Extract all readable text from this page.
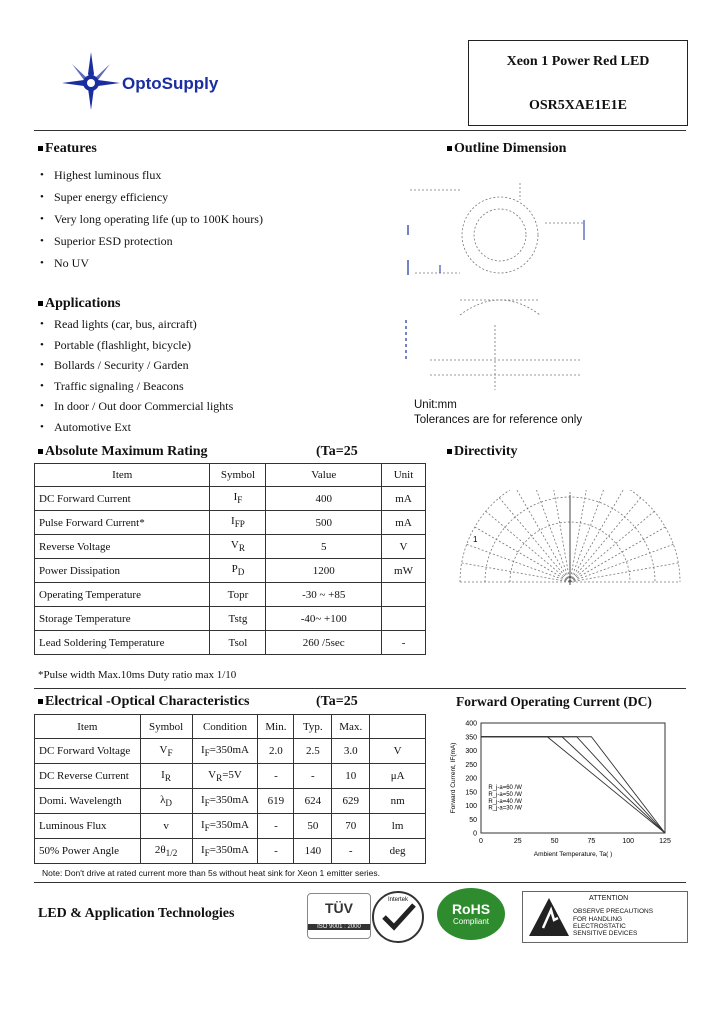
OptoSupply
Xeon 1 Power Red LED
OSR5XAE1E1E
Features
• Highest luminous flux
• Super energy efficiency
• Very long operating life (up to 100K hours)
• Superior ESD protection
• No UV
Applications
• Read lights (car, bus, aircraft)
• Portable (flashlight, bicycle)
• Bollards / Security / Garden
• Traffic signaling / Beacons
• In door / Out door Commercial lights
• Automotive Ext
Outline Dimension
Unit:mm
Tolerances are for reference only
Absolute Maximum Rating	(Ta=25
Item	Symbol	Value	Unit
DC Forward Current	$I_F$	400	mA
Pulse Forward Current*	$I_{FP}$	500	mA
Reverse Voltage	$V_R$	5	V
Power Dissipation	$P_D$	1200	mW
Operating Temperature	Topr	-30 ~ +85	
Storage Temperature	Tstg	-40~ +100	
Lead Soldering Temperature	Tsol	260 /5sec	-
*Pulse width Max.10ms Duty ratio max 1/10
Directivity
1
Electrical -Optical Characteristics	(Ta=25
Item	Symbol	Condition	Min.	Typ.	Max.	
DC Forward Voltage	$V_F$	$I_F=350mA$	2.0	2.5	3.0	V
DC Reverse Current	$I_R$	$V_R=5V$	-	-	10	μA
Domi. Wavelength	$\lambda_D$	$I_F=350mA$	619	624	629	nm
Luminous Flux	v	$I_F=350mA$	-	50	70	lm
50% Power Angle	$2\theta_{1/2}$	$I_F=350mA$	-	140	-	deg
Note: Don't drive at rated current more than 5s without heat sink for Xeon 1 emitter series.
Forward Operating Current (DC)
400
350
300
250
200
150
100
50
0
0	25	50	75	100	125
Ambient Temperature, Ta( )
Forward Current, IF(mA)	R_j-a=60 /W
R_j-a=50 /W
R_j-a=40 /W
R_j-a=30 /W
LED & Application Technologies	TÜV
ISO 9001 : 2000
Intertek
RoHS
Compliant
ATTENTION
OBSERVE PRECAUTIONS
FOR HANDLING
ELECTROSTATIC
SENSITIVE DEVICES
